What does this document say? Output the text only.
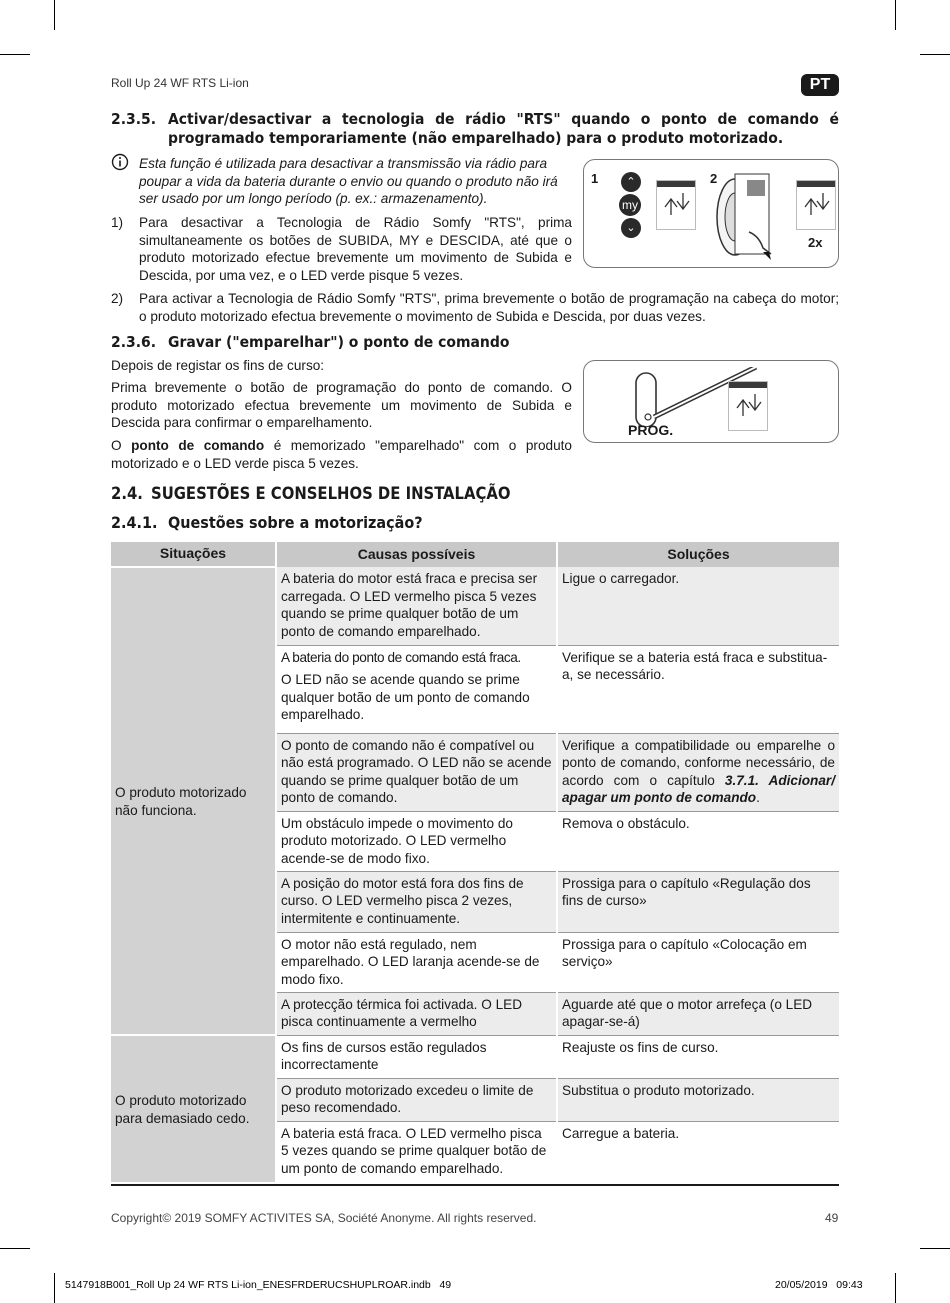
Roll Up 24 WF RTS Li-ion	PT
2.3.5. Activar/desactivar a tecnologia de rádio "RTS" quando o ponto de comando é
programado temporariamente (não emparelhado) para o produto motorizado.
Esta função é utilizada para desactivar a transmissão via rádio para poupar a vida da bateria durante o envio ou quando o produto não irá ser usado por um longo período (p. ex.: armazenamento).
1) Para desactivar a Tecnologia de Rádio Somfy "RTS", prima simultaneamente os botões de SUBIDA, MY e DESCIDA, até que o produto motorizado efectue brevemente um movimento de Subida e Descida, por uma vez, e o LED verde pisque 5 vezes.
1	2
⌃
my
⌄
2x
2) Para activar a Tecnologia de Rádio Somfy "RTS", prima brevemente o botão de programação na cabeça do motor; o produto motorizado efectua brevemente o movimento de Subida e Descida, por duas vezes.
2.3.6. Gravar ("emparelhar") o ponto de comando
Depois de registar os fins de curso:
Prima brevemente o botão de programação do ponto de comando. O produto motorizado efectua brevemente um movimento de Subida e Descida para confirmar o emparelhamento.
O ponto de comando é memorizado "emparelhado" com o produto motorizado e o LED verde pisca 5 vezes.
PROG.
2.4. SUGESTÕES E CONSELHOS DE INSTALAÇÃO
2.4.1. Questões sobre a motorização?
Situações	Causas possíveis	Soluções
O produto motorizado não funciona.	A bateria do motor está fraca e precisa ser carregada. O LED vermelho pisca 5 vezes quando se prime qualquer botão de um ponto de comando emparelhado.	Ligue o carregador.

	A bateria do ponto de comando está fraca.
O LED não se acende quando se prime qualquer botão de um ponto de comando emparelhado.	Verifique se a bateria está fraca e substitua-a, se necessário.
	O ponto de comando não é compatível ou não está programado. O LED não se acende quando se prime qualquer botão de um ponto de comando.	Verifique a compatibilidade ou emparelhe o ponto de comando, conforme necessário, de acordo com o capítulo 3.7.1. Adicionar/ apagar um ponto de comando.
	Um obstáculo impede o movimento do produto motorizado. O LED vermelho acende-se de modo fixo.	Remova o obstáculo.
	A posição do motor está fora dos fins de curso. O LED vermelho pisca 2 vezes, intermitente e continuamente.	Prossiga para o capítulo «Regulação dos fins de curso»
	O motor não está regulado, nem emparelhado. O LED laranja acende-se de modo fixo.	Prossiga para o capítulo «Colocação em serviço»
	A protecção térmica foi activada. O LED pisca continuamente a vermelho	Aguarde até que o motor arrefeça (o LED apagar-se-á)
O produto motorizado para demasiado cedo.	Os fins de cursos estão regulados incorrectamente	Reajuste os fins de curso.
	O produto motorizado excedeu o limite de peso recomendado.	Substitua o produto motorizado.
	A bateria está fraca. O LED vermelho pisca 5 vezes quando se prime qualquer botão de um ponto de comando emparelhado.	Carregue a bateria.
Copyright© 2019 SOMFY ACTIVITES SA, Société Anonyme. All rights reserved.	49
5147918B001_Roll Up 24 WF RTS Li-ion_ENESFRDERUCSHUPLROAR.indb   49	20/05/2019   09:43
